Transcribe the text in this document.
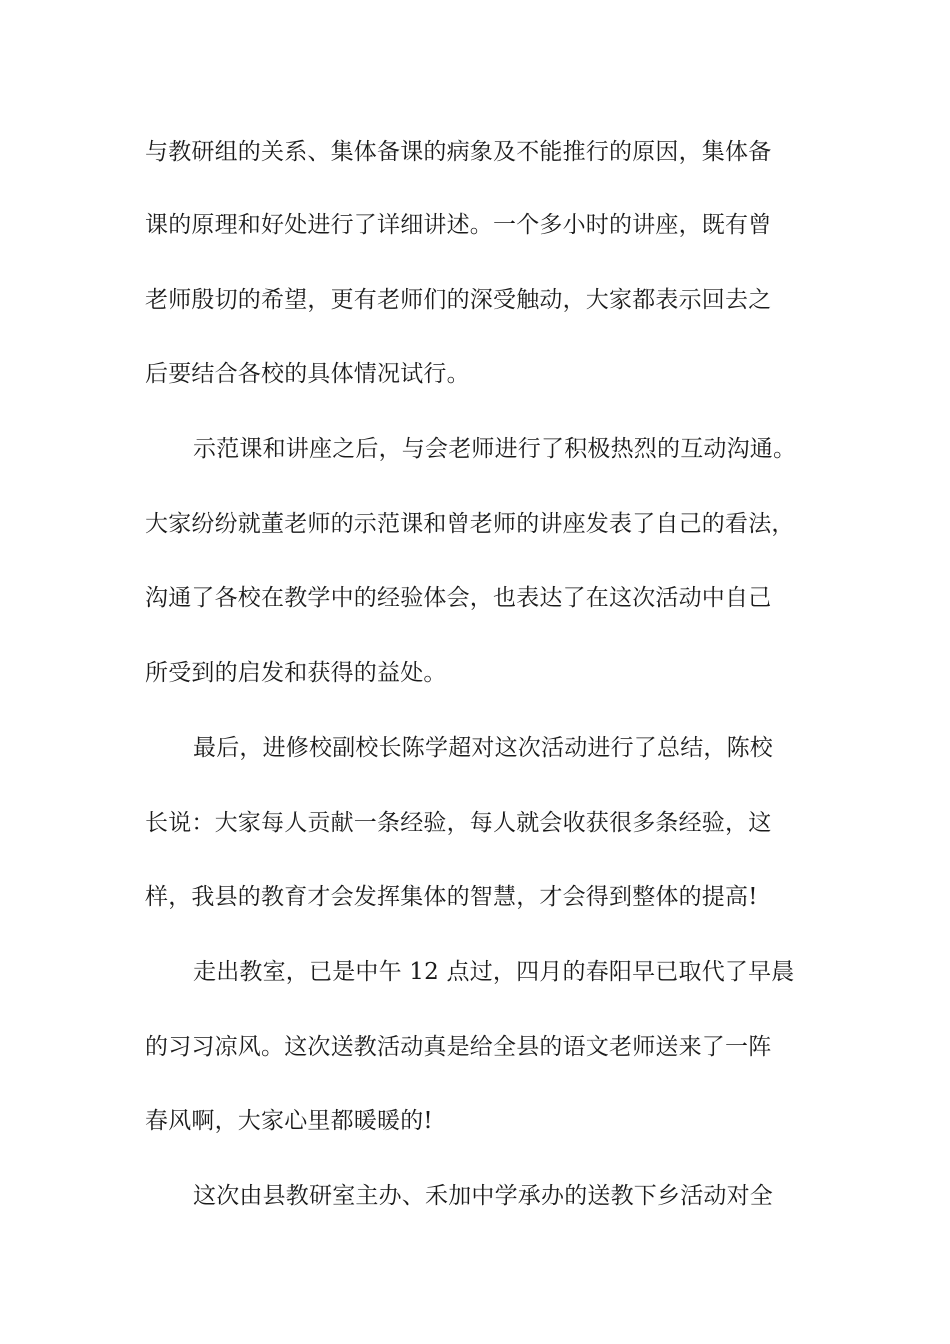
与教研组的关系、集体备课的病象及不能推行的原因，集体备
课的原理和好处进行了详细讲述。一个多小时的讲座，既有曾
老师殷切的希望，更有老师们的深受触动，大家都表示回去之
后要结合各校的具体情况试行。
示范课和讲座之后，与会老师进行了积极热烈的互动沟通。
大家纷纷就董老师的示范课和曾老师的讲座发表了自己的看法，
沟通了各校在教学中的经验体会，也表达了在这次活动中自己
所受到的启发和获得的益处。
最后，进修校副校长陈学超对这次活动进行了总结，陈校
长说：大家每人贡献一条经验，每人就会收获很多条经验，这
样，我县的教育才会发挥集体的智慧，才会得到整体的提高!
走出教室，已是中午 12 点过，四月的春阳早已取代了早晨
的习习凉风。这次送教活动真是给全县的语文老师送来了一阵
春风啊，大家心里都暖暖的!
这次由县教研室主办、禾加中学承办的送教下乡活动对全
